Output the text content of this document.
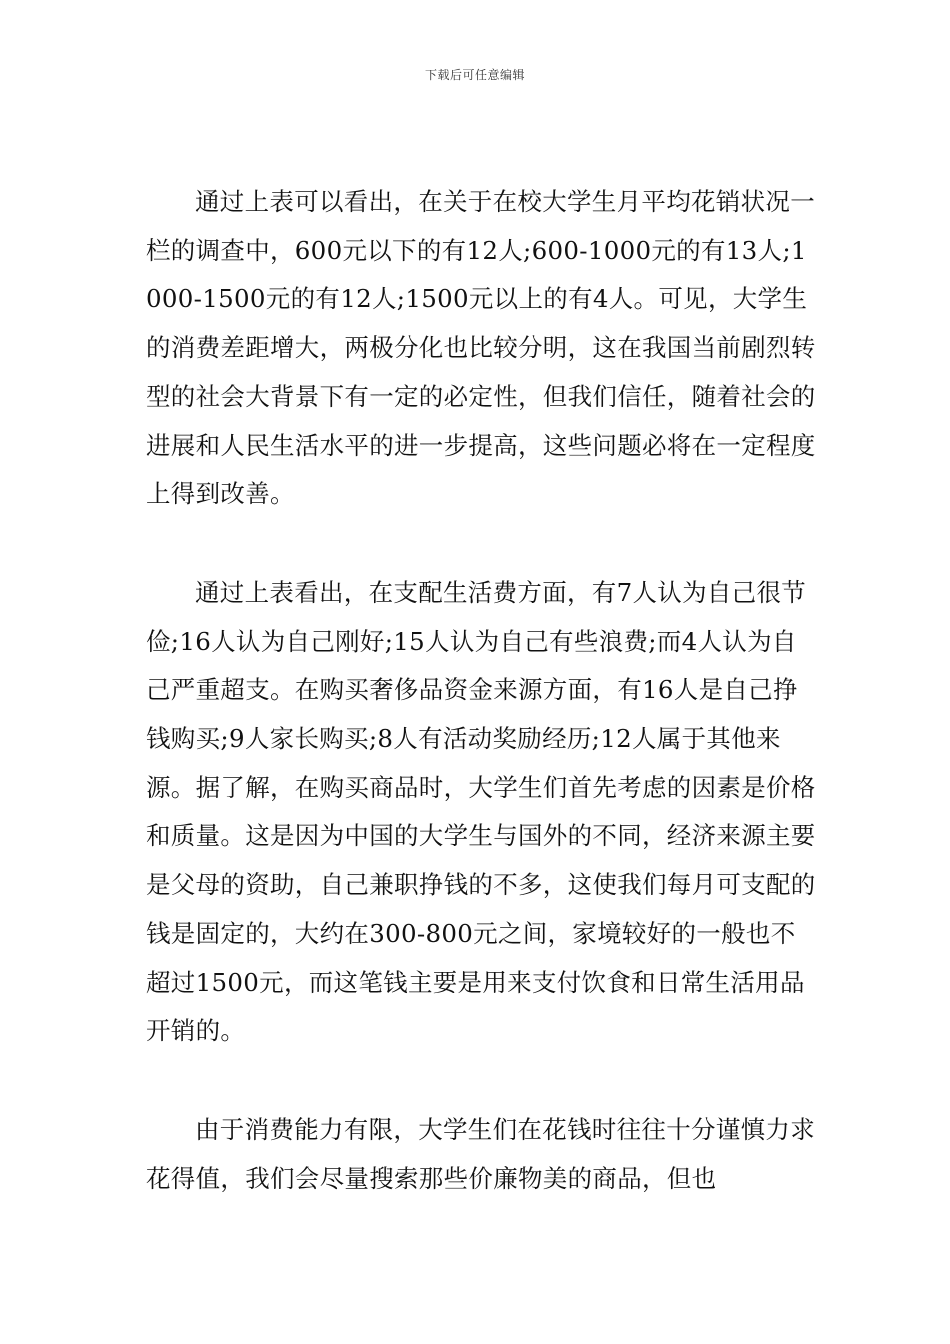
下载后可任意编辑

通过上表可以看出，在关于在校大学生月平均花销状况一栏的调查中，600元以下的有12人;600-1000元的有13人;1000-1500元的有12人;1500元以上的有4人。可见，大学生的消费差距增大，两极分化也比较分明，这在我国当前剧烈转型的社会大背景下有一定的必定性，但我们信任，随着社会的进展和人民生活水平的进一步提高，这些问题必将在一定程度上得到改善。

通过上表看出，在支配生活费方面，有7人认为自己很节俭;16人认为自己刚好;15人认为自己有些浪费;而4人认为自己严重超支。在购买奢侈品资金来源方面，有16人是自己挣钱购买;9人家长购买;8人有活动奖励经历;12人属于其他来源。据了解，在购买商品时，大学生们首先考虑的因素是价格和质量。这是因为中国的大学生与国外的不同，经济来源主要是父母的资助，自己兼职挣钱的不多，这使我们每月可支配的钱是固定的，大约在300-800元之间，家境较好的一般也不超过1500元，而这笔钱主要是用来支付饮食和日常生活用品开销的。

由于消费能力有限，大学生们在花钱时往往十分谨慎力求花得值，我们会尽量搜索那些价廉物美的商品，但也
